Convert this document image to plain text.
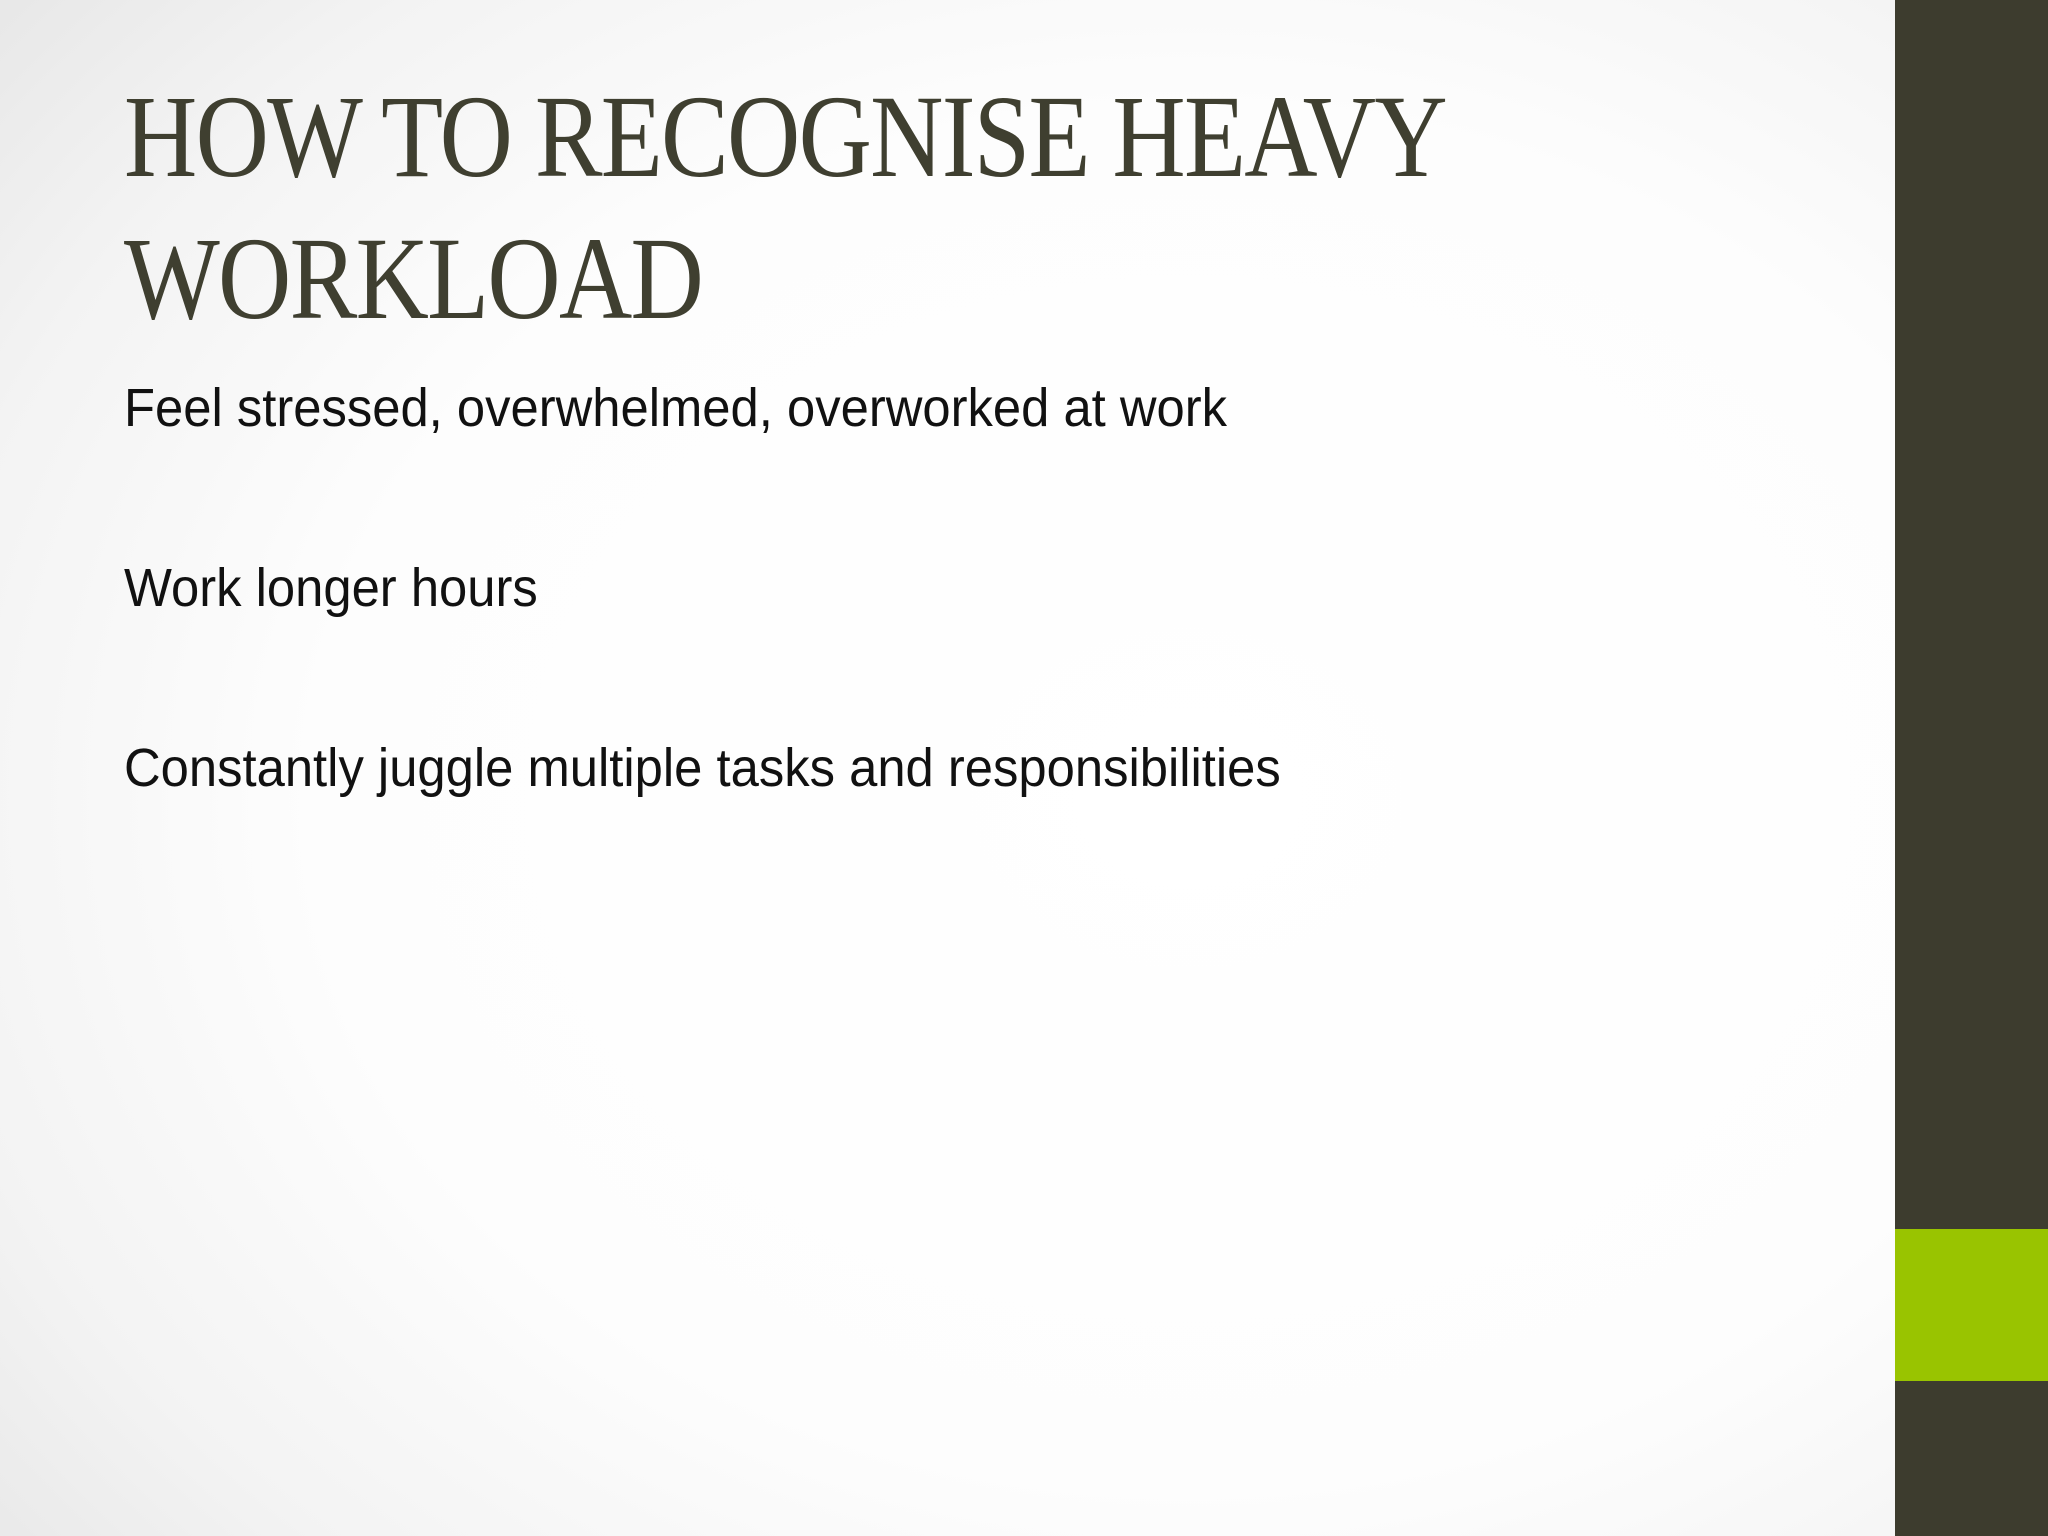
HOW TO RECOGNISE HEAVY
WORKLOAD
Feel stressed, overwhelmed, overworked at work
Work longer hours
Constantly juggle multiple tasks and responsibilities
